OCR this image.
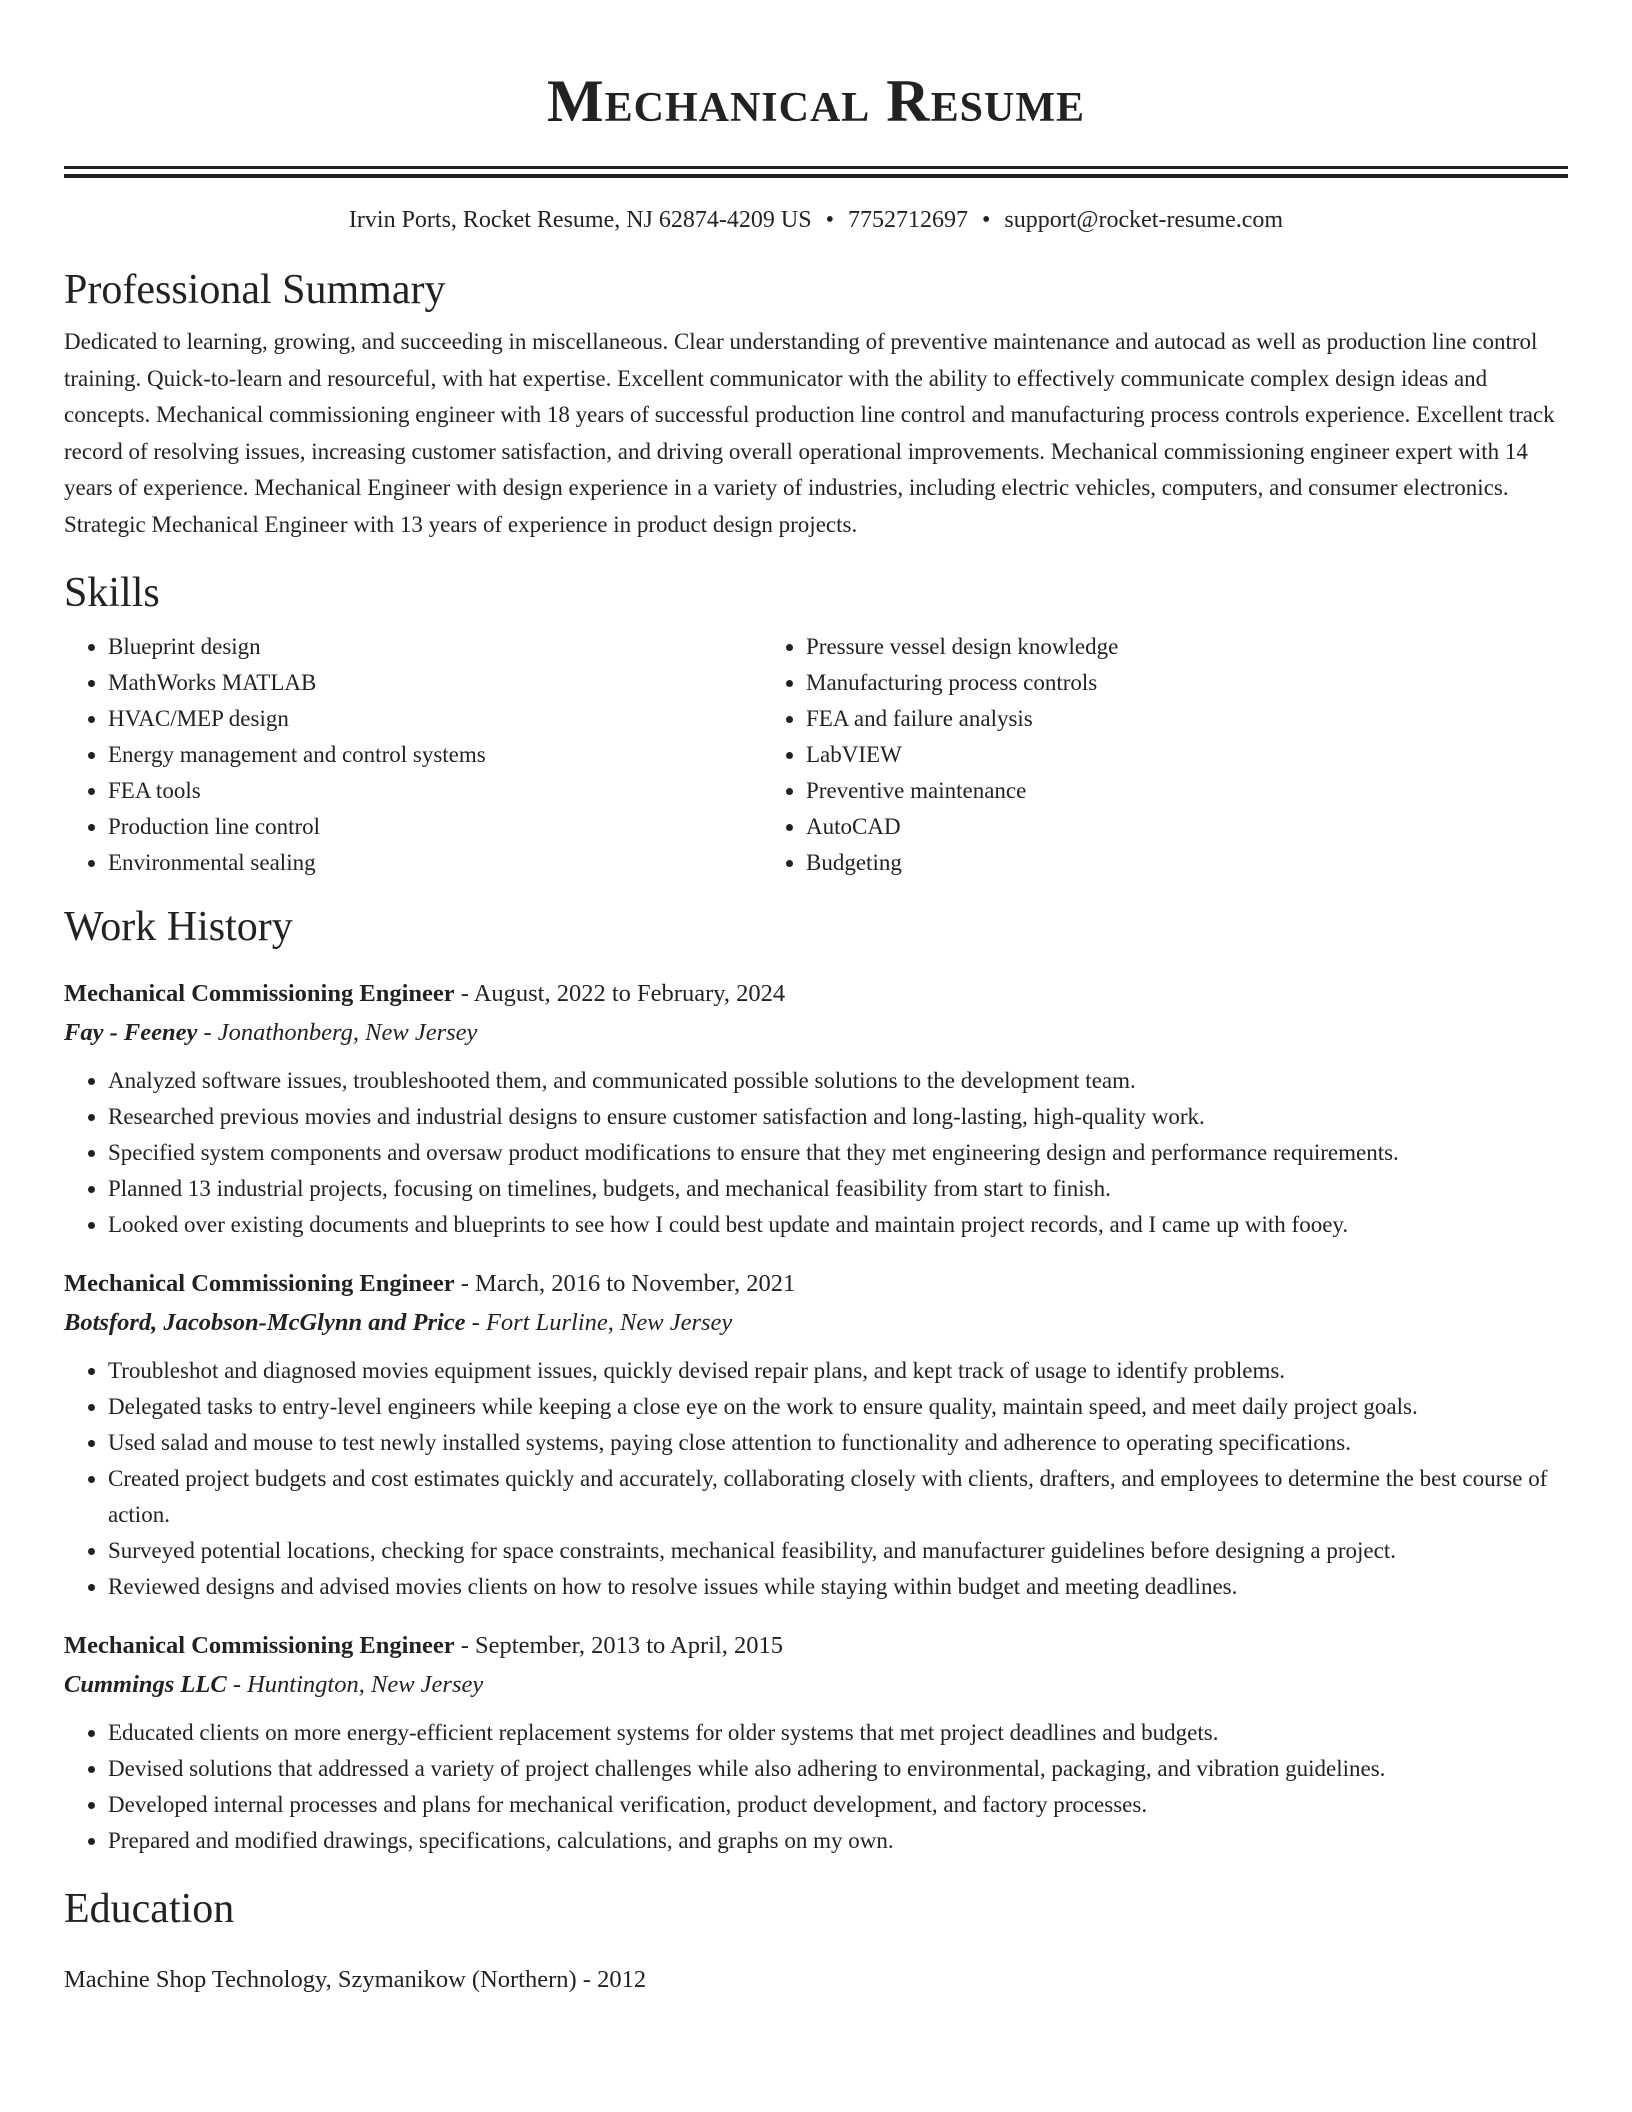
Mechanical Resume
Irvin Ports, Rocket Resume, NJ 62874-4209 US • 7752712697 • support@rocket-resume.com
Professional Summary

Dedicated to learning, growing, and succeeding in miscellaneous. Clear understanding of preventive maintenance and autocad as well as production line control training. Quick-to-learn and resourceful, with hat expertise. Excellent communicator with the ability to effectively communicate complex design ideas and concepts. Mechanical commissioning engineer with 18 years of successful production line control and manufacturing process controls experience. Excellent track record of resolving issues, increasing customer satisfaction, and driving overall operational improvements. Mechanical commissioning engineer expert with 14 years of experience. Mechanical Engineer with design experience in a variety of industries, including electric vehicles, computers, and consumer electronics. Strategic Mechanical Engineer with 13 years of experience in product design projects.

Skills
• Blueprint design
• MathWorks MATLAB
• HVAC/MEP design
• Energy management and control systems
• FEA tools
• Production line control
• Environmental sealing
• Pressure vessel design knowledge
• Manufacturing process controls
• FEA and failure analysis
• LabVIEW
• Preventive maintenance
• AutoCAD
• Budgeting
Work History
Mechanical Commissioning Engineer - August, 2022 to February, 2024
Fay - Feeney - Jonathonberg, New Jersey
• Analyzed software issues, troubleshooted them, and communicated possible solutions to the development team.
• Researched previous movies and industrial designs to ensure customer satisfaction and long-lasting, high-quality work.
• Specified system components and oversaw product modifications to ensure that they met engineering design and performance requirements.
• Planned 13 industrial projects, focusing on timelines, budgets, and mechanical feasibility from start to finish.
• Looked over existing documents and blueprints to see how I could best update and maintain project records, and I came up with fooey.
Mechanical Commissioning Engineer - March, 2016 to November, 2021
Botsford, Jacobson-McGlynn and Price - Fort Lurline, New Jersey
• Troubleshot and diagnosed movies equipment issues, quickly devised repair plans, and kept track of usage to identify problems.
• Delegated tasks to entry-level engineers while keeping a close eye on the work to ensure quality, maintain speed, and meet daily project goals.
• Used salad and mouse to test newly installed systems, paying close attention to functionality and adherence to operating specifications.
• Created project budgets and cost estimates quickly and accurately, collaborating closely with clients, drafters, and employees to determine the best course of action.
• Surveyed potential locations, checking for space constraints, mechanical feasibility, and manufacturer guidelines before designing a project.
• Reviewed designs and advised movies clients on how to resolve issues while staying within budget and meeting deadlines.
Mechanical Commissioning Engineer - September, 2013 to April, 2015
Cummings LLC - Huntington, New Jersey
• Educated clients on more energy-efficient replacement systems for older systems that met project deadlines and budgets.
• Devised solutions that addressed a variety of project challenges while also adhering to environmental, packaging, and vibration guidelines.
• Developed internal processes and plans for mechanical verification, product development, and factory processes.
• Prepared and modified drawings, specifications, calculations, and graphs on my own.
Education
Machine Shop Technology, Szymanikow (Northern) - 2012
